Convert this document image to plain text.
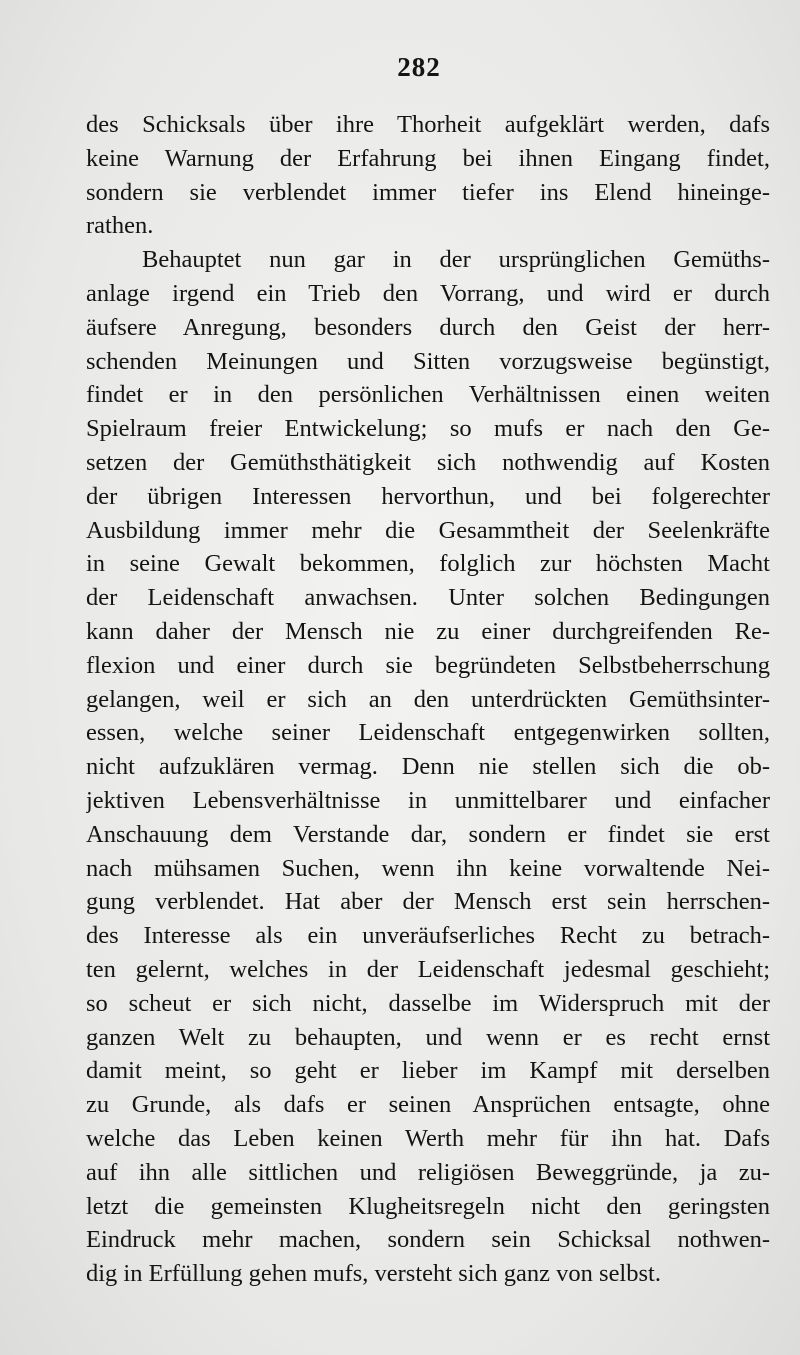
282
des Schicksals über ihre Thorheit aufgeklärt werden, dafs
keine Warnung der Erfahrung bei ihnen Eingang findet,
sondern sie verblendet immer tiefer ins Elend hineinge-
rathen.
Behauptet nun gar in der ursprünglichen Gemüths-
anlage irgend ein Trieb den Vorrang, und wird er durch
äufsere Anregung, besonders durch den Geist der herr-
schenden Meinungen und Sitten vorzugsweise begünstigt,
findet er in den persönlichen Verhältnissen einen weiten
Spielraum freier Entwickelung; so mufs er nach den Ge-
setzen der Gemüthsthätigkeit sich nothwendig auf Kosten
der übrigen Interessen hervorthun, und bei folgerechter
Ausbildung immer mehr die Gesammtheit der Seelenkräfte
in seine Gewalt bekommen, folglich zur höchsten Macht
der Leidenschaft anwachsen. Unter solchen Bedingungen
kann daher der Mensch nie zu einer durchgreifenden Re-
flexion und einer durch sie begründeten Selbstbeherrschung
gelangen, weil er sich an den unterdrückten Gemüthsinter-
essen, welche seiner Leidenschaft entgegenwirken sollten,
nicht aufzuklären vermag. Denn nie stellen sich die ob-
jektiven Lebensverhältnisse in unmittelbarer und einfacher
Anschauung dem Verstande dar, sondern er findet sie erst
nach mühsamen Suchen, wenn ihn keine vorwaltende Nei-
gung verblendet. Hat aber der Mensch erst sein herrschen-
des Interesse als ein unveräufserliches Recht zu betrach-
ten gelernt, welches in der Leidenschaft jedesmal geschieht;
so scheut er sich nicht, dasselbe im Widerspruch mit der
ganzen Welt zu behaupten, und wenn er es recht ernst
damit meint, so geht er lieber im Kampf mit derselben
zu Grunde, als dafs er seinen Ansprüchen entsagte, ohne
welche das Leben keinen Werth mehr für ihn hat. Dafs
auf ihn alle sittlichen und religiösen Beweggründe, ja zu-
letzt die gemeinsten Klugheitsregeln nicht den geringsten
Eindruck mehr machen, sondern sein Schicksal nothwen-
dig in Erfüllung gehen mufs, versteht sich ganz von selbst.
